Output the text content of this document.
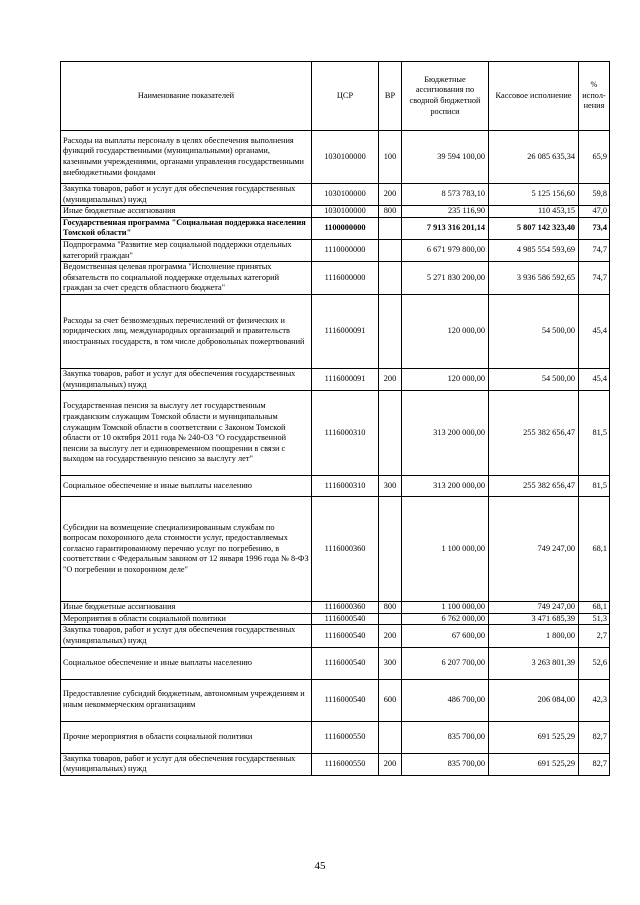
Наименование показателей	ЦСР	ВР	Бюджетные ассигнования по сводной бюджетной росписи	Кассовое исполнение	% испол-нения
Расходы на выплаты персоналу в целях обеспечения выполнения функций государственными (муниципальными) органами, казенными учреждениями, органами управления государственными внебюджетными фондами	1030100000	100	39 594 100,00	26 085 635,34	65,9
Закупка товаров, работ и услуг для обеспечения государственных (муниципальных) нужд	1030100000	200	8 573 783,10	5 125 156,60	59,8
Иные бюджетные ассигнования	1030100000	800	235 116,90	110 453,15	47,0
Государственная программа "Социальная поддержка населения Томской области"	1100000000		7 913 316 201,14	5 807 142 323,40	73,4
Подпрограмма "Развитие мер социальной поддержки отдельных категорий граждан"	1110000000		6 671 979 800,00	4 985 554 593,69	74,7
Ведомственная целевая программа "Исполнение принятых обязательств по социальной поддержке отдельных категорий граждан за счет средств областного бюджета"	1116000000		5 271 830 200,00	3 936 586 592,65	74,7
Расходы за счет безвозмездных перечислений от физических и юридических лиц, международных организаций и правительств иностранных государств, в том числе добровольных пожертвований	1116000091		120 000,00	54 500,00	45,4
Закупка товаров, работ и услуг для обеспечения государственных (муниципальных) нужд	1116000091	200	120 000,00	54 500,00	45,4
Государственная пенсия за выслугу лет государственным гражданским служащим Томской области и муниципальным служащим Томской области в соответствии с Законом Томской области от 10 октября 2011 года № 240-ОЗ "О государственной пенсии за выслугу лет и единовременном поощрении в связи с выходом на государственную пенсию за выслугу лет"	1116000310		313 200 000,00	255 382 656,47	81,5
Социальное обеспечение и иные выплаты населению	1116000310	300	313 200 000,00	255 382 656,47	81,5
Субсидии на возмещение специализированным службам по вопросам похоронного дела стоимости услуг, предоставляемых согласно гарантированному перечню услуг по погребению, в соответствии с Федеральным законом от 12 января 1996 года № 8-ФЗ "О погребении и похоронном деле"	1116000360		1 100 000,00	749 247,00	68,1
Иные бюджетные ассигнования	1116000360	800	1 100 000,00	749 247,00	68,1
Мероприятия в области социальной политики	1116000540		6 762 000,00	3 471 685,39	51,3
Закупка товаров, работ и услуг для обеспечения государственных (муниципальных) нужд	1116000540	200	67 600,00	1 800,00	2,7
Социальное обеспечение и иные выплаты населению	1116000540	300	6 207 700,00	3 263 801,39	52,6
Предоставление субсидий бюджетным, автономным учреждениям и иным некоммерческим организациям	1116000540	600	486 700,00	206 084,00	42,3
Прочие мероприятия в области социальной политики	1116000550		835 700,00	691 525,29	82,7
Закупка товаров, работ и услуг для обеспечения государственных (муниципальных) нужд	1116000550	200	835 700,00	691 525,29	82,7
45
